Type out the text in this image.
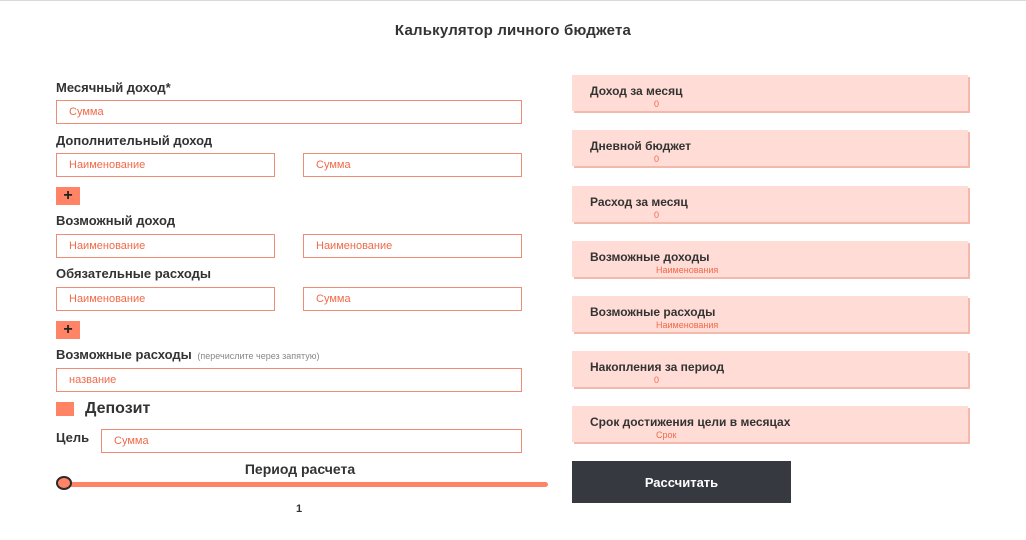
Калькулятор личного бюджета
Месячный доход*
Сумма
Дополнительный доход
Наименование
Сумма
+
Возможный доход
Наименование
Наименование
Обязательные расходы
Наименование
Сумма
+
Возможные расходы (перечислите через запятую)
название
Депозит
Цель
Сумма
Период расчета
1
Доход за месяц
0
Дневной бюджет
0
Расход за месяц
0
Возможные доходы
Наименования
Возможные расходы
Наименования
Накопления за период
0
Срок достижения цели в месяцах
Срок
Рассчитать
